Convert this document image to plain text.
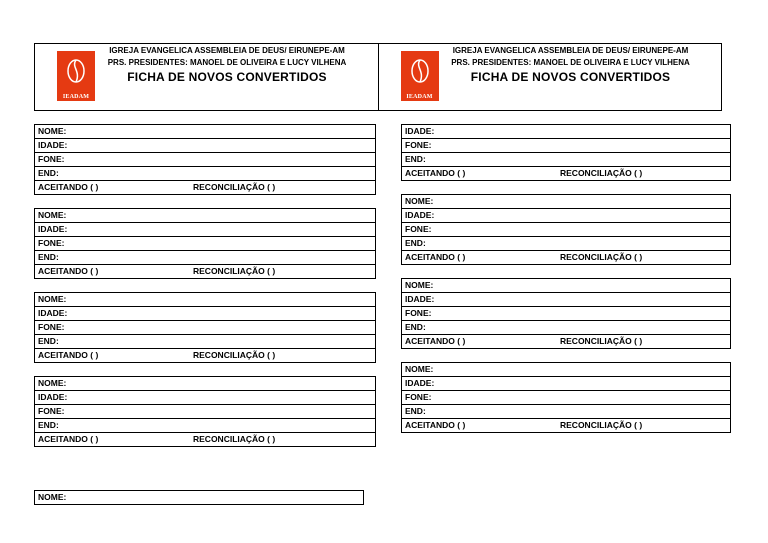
IEADAM
IGREJA EVANGELICA ASSEMBLEIA DE DEUS/ EIRUNEPE-AM
PRS. PRESIDENTES: MANOEL DE OLIVEIRA E LUCY VILHENA
FICHA DE NOVOS CONVERTIDOS
IEADAM
IGREJA EVANGELICA ASSEMBLEIA DE DEUS/ EIRUNEPE-AM
PRS. PRESIDENTES: MANOEL DE OLIVEIRA E LUCY VILHENA
FICHA DE NOVOS CONVERTIDOS
NOME:
IDADE:
FONE:
END:
ACEITANDO ( )	RECONCILIAÇÃO ( )
NOME:
IDADE:
FONE:
END:
ACEITANDO ( )	RECONCILIAÇÃO ( )
NOME:
IDADE:
FONE:
END:
ACEITANDO ( )	RECONCILIAÇÃO ( )
NOME:
IDADE:
FONE:
END:
ACEITANDO ( )	RECONCILIAÇÃO ( )
IDADE:
FONE:
END:
ACEITANDO ( )	RECONCILIAÇÃO ( )
NOME:
IDADE:
FONE:
END:
ACEITANDO ( )	RECONCILIAÇÃO ( )
NOME:
IDADE:
FONE:
END:
ACEITANDO ( )	RECONCILIAÇÃO ( )
NOME:
IDADE:
FONE:
END:
ACEITANDO ( )	RECONCILIAÇÃO ( )
NOME:
